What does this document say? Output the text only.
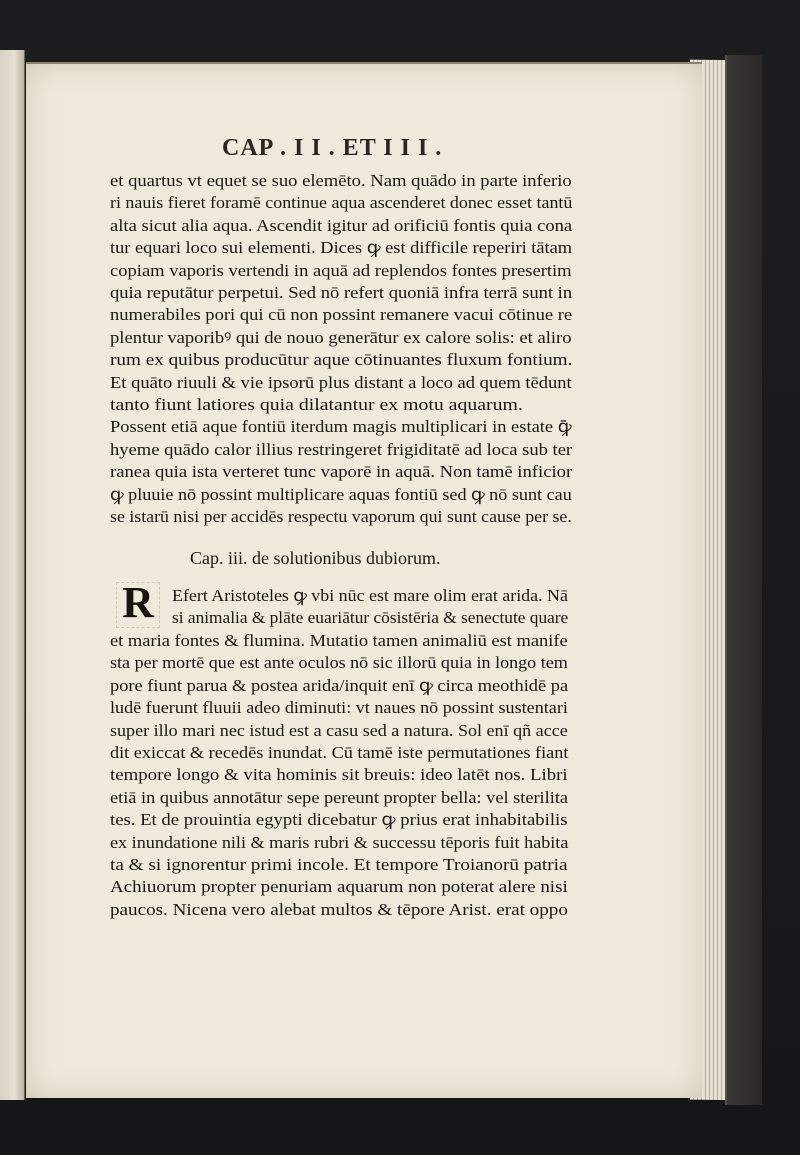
CAP . I I . ET I I I .
Cap. iii. de solutionibus dubiorum.
R
et quartus vt equet se suo elemēto. Nam quādo in parte inferio
ri nauis fieret foramē continue aqua ascenderet donec esset tantū
alta sicut alia aqua. Ascendit igitur ad orificiū fontis quia cona
tur equari loco sui elementi. Dices ꝙ est difficile reperiri tātam
copiam vaporis vertendi in aquā ad replendos fontes presertim
quia reputātur perpetui. Sed nō refert quoniā infra terrā sunt in
numerabiles pori qui cū non possint remanere vacui cōtinue re
plentur vaporibꝰ qui de nouo generātur ex calore solis: et aliro
rum ex quibus producūtur aque cōtinuantes fluxum fontium.
Et quāto riuuli & vie ipsorū plus distant a loco ad quem tēdunt
tanto fiunt latiores quia dilatantur ex motu aquarum.
Possent etiā aque fontiū iterdum magis multiplicari in estate ꝙ̄
hyeme quādo calor illius restringeret frigiditatē ad loca sub ter
ranea quia ista verteret tunc vaporē in aquā. Non tamē inficior
ꝙ pluuie nō possint multiplicare aquas fontiū sed ꝙ nō sunt cau
se istarū nisi per accidēs respectu vaporum qui sunt cause per se.
Efert Aristoteles ꝙ vbi nūc est mare olim erat arida. Nā
si animalia & plāte euariātur cōsistēria & senectute quare
et maria fontes & flumina. Mutatio tamen animaliū est manife
sta per mortē que est ante oculos nō sic illorū quia in longo tem
pore fiunt parua & postea arida/inquit enī ꝙ circa meothidē pa
ludē fuerunt fluuii adeo diminuti: vt naues nō possint sustentari
super illo mari nec istud est a casu sed a natura. Sol enī qñ acce
dit exiccat & recedēs inundat. Cū tamē iste permutationes fiant
tempore longo & vita hominis sit breuis: ideo latēt nos. Libri
etiā in quibus annotātur sepe pereunt propter bella: vel sterilita
tes. Et de prouintia egypti dicebatur ꝙ prius erat inhabitabilis
ex inundatione nili & maris rubri & successu tēporis fuit habita
ta & si ignorentur primi incole. Et tempore Troianorū patria
Achiuorum propter penuriam aquarum non poterat alere nisi
paucos. Nicena vero alebat multos & tēpore Arist. erat oppo
